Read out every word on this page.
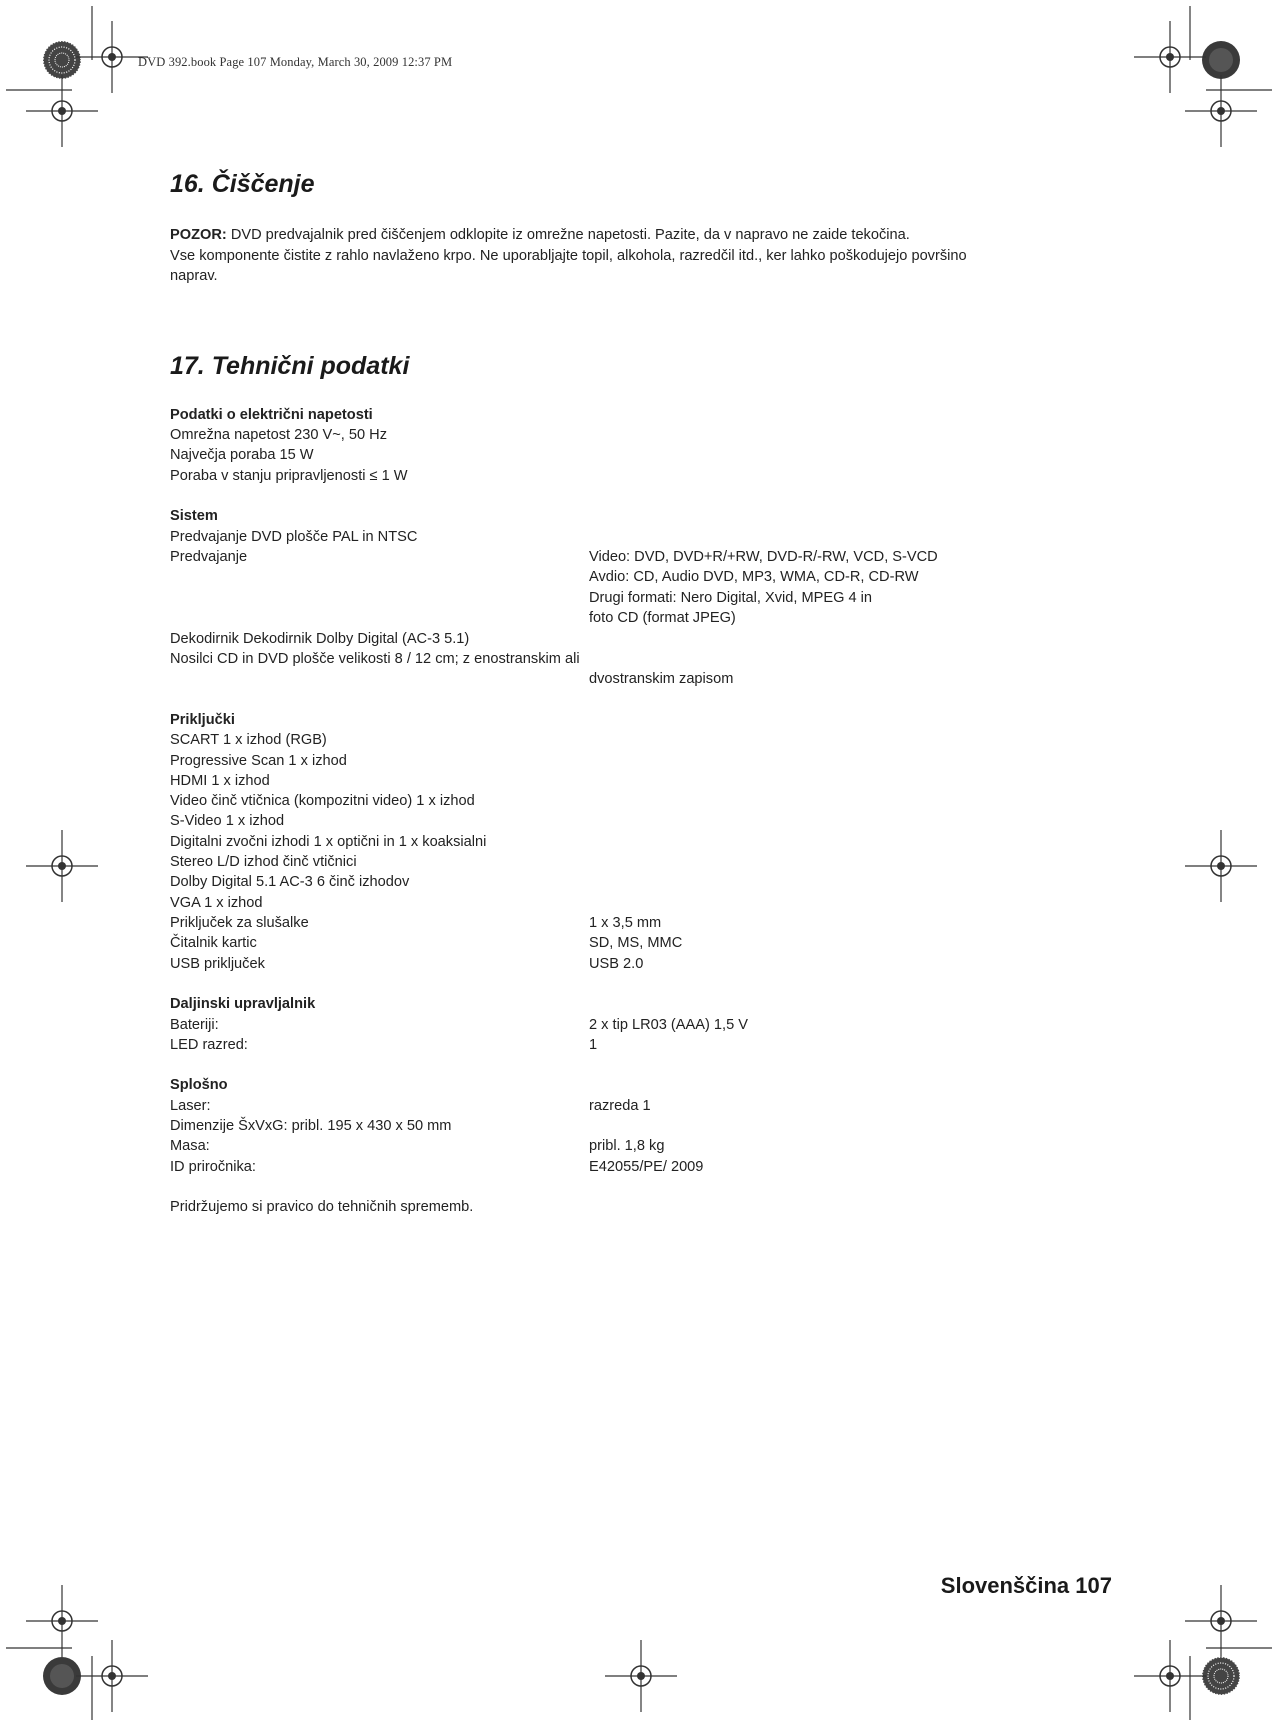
DVD 392.book Page 107 Monday, March 30, 2009 12:37 PM
16. Čiščenje

POZOR: DVD predvajalnik pred čiščenjem odklopite iz omrežne napetosti. Pazite, da v napravo ne zaide tekočina.
Vse komponente čistite z rahlo navlaženo krpo. Ne uporabljajte topil, alkohola, razredčil itd., ker lahko poškodujejo površino
naprav.

17. Tehnični podatki
Podatki o električni napetosti
Omrežna napetost 230 V~, 50 Hz
Največja poraba 15 W
Poraba v stanju pripravljenosti ≤ 1 W
Sistem
Predvajanje DVD plošče PAL in NTSC
Predvajanje	Video: DVD, DVD+R/+RW, DVD-R/-RW, VCD, S-VCD
Avdio: CD, Audio DVD, MP3, WMA, CD-R, CD-RW
Drugi formati: Nero Digital, Xvid, MPEG 4 in
foto CD (format JPEG)
Dekodirnik Dekodirnik Dolby Digital (AC-3 5.1)
Nosilci CD in DVD plošče velikosti 8 / 12 cm; z enostranskim ali
dvostranskim zapisom
Priključki
SCART 1 x izhod (RGB)
Progressive Scan 1 x izhod
HDMI 1 x izhod
Video činč vtičnica (kompozitni video) 1 x izhod
S-Video 1 x izhod
Digitalni zvočni izhodi 1 x optični in 1 x koaksialni
Stereo L/D izhod činč vtičnici
Dolby Digital 5.1 AC-3 6 činč izhodov
VGA 1 x izhod
Priključek za slušalke	1 x 3,5 mm
Čitalnik kartic	SD, MS, MMC
USB priključek	USB 2.0
Daljinski upravljalnik
Bateriji:	2 x tip LR03 (AAA) 1,5 V
LED razred:	1
Splošno
Laser:	razreda 1
Dimenzije ŠxVxG: pribl. 195 x 430 x 50 mm
Masa:	pribl. 1,8 kg
ID priročnika:	E42055/PE/ 2009
Pridržujemo si pravico do tehničnih sprememb.
Slovenščina 107
